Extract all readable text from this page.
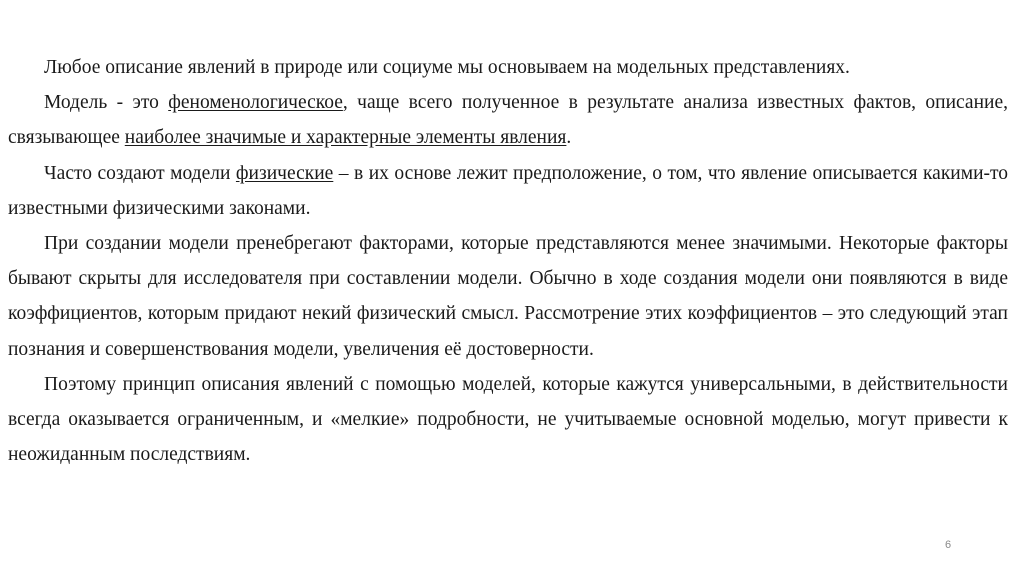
Любое описание явлений в природе или социуме мы основываем на модельных представлениях.

Модель - это феноменологическое, чаще всего полученное в результате анализа известных фактов, описание, связывающее наиболее значимые и характерные элементы явления.

Часто создают модели физические – в их основе лежит предположение, о том, что явление описывается какими-то известными физическими законами.

При создании модели пренебрегают факторами, которые представляются менее значимыми. Некоторые факторы бывают скрыты для исследователя при составлении модели. Обычно в ходе создания модели они появляются в виде коэффициентов, которым придают некий физический смысл. Рассмотрение этих коэффициентов – это следующий этап познания и совершенствования модели, увеличения её достоверности.

Поэтому принцип описания явлений с помощью моделей, которые кажутся универсальными, в действительности всегда оказывается ограниченным, и «мелкие» подробности, не учитываемые основной моделью, могут привести к неожиданным последствиям.

6
